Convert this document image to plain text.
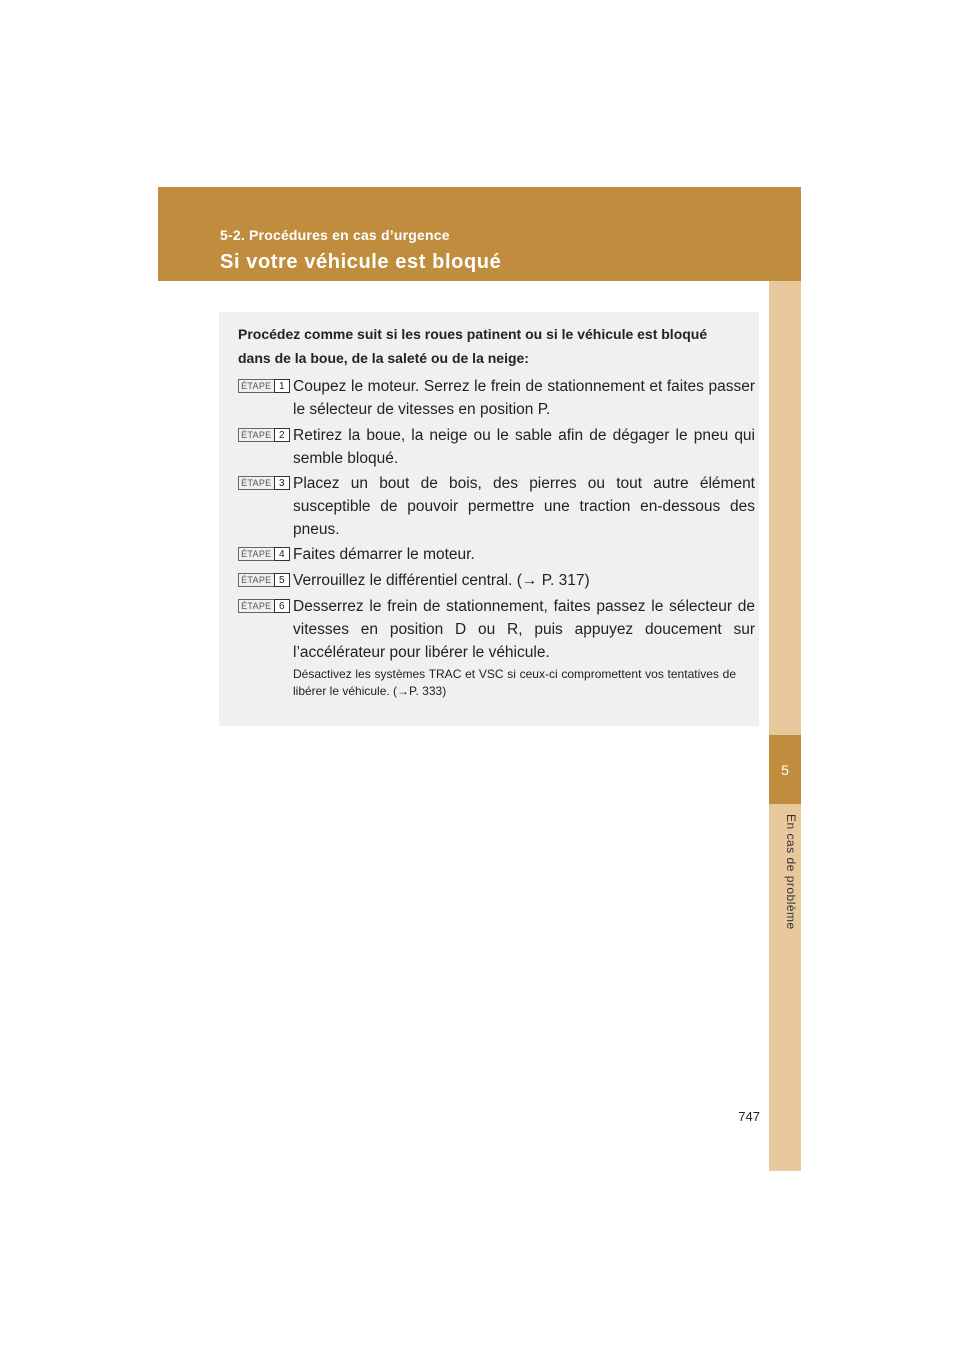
5-2. Procédures en cas d’urgence
Si votre véhicule est bloqué
5
En cas de problème
Procédez comme suit si les roues patinent ou si le véhicule est bloqué dans de la boue, de la saleté ou de la neige:
ÉTAPE 1 Coupez le moteur. Serrez le frein de stationnement et faites passer le sélecteur de vitesses en position P.
ÉTAPE 2 Retirez la boue, la neige ou le sable afin de dégager le pneu qui semble bloqué.
ÉTAPE 3 Placez un bout de bois, des pierres ou tout autre élément susceptible de pouvoir permettre une traction en-dessous des pneus.
ÉTAPE 4 Faites démarrer le moteur.
ÉTAPE 5 Verrouillez le différentiel central. (→ P. 317)
ÉTAPE 6 Desserrez le frein de stationnement, faites passez le sélecteur de vitesses en position D ou R, puis appuyez doucement sur l’accélérateur pour libérer le véhicule.
Désactivez les systèmes TRAC et VSC si ceux-ci compromettent vos tentatives de libérer le véhicule. (→P. 333)
747
